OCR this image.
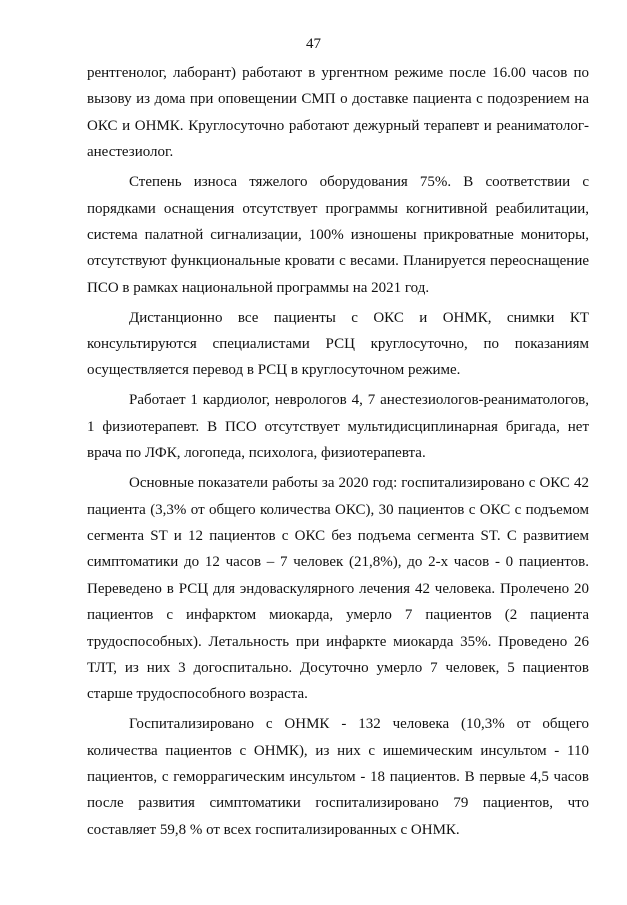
47

рентгенолог, лаборант) работают в ургентном режиме после 16.00 часов по вызову из дома при оповещении СМП о доставке пациента с подозрением на ОКС и ОНМК. Круглосуточно работают дежурный терапевт и реаниматолог-анестезиолог.

Степень износа тяжелого оборудования 75%. В соответствии с порядками оснащения отсутствует программы когнитивной реабилитации, система палатной сигнализации, 100% изношены прикроватные мониторы, отсутствуют функциональные кровати с весами. Планируется переоснащение ПСО в рамках национальной программы на 2021 год.

Дистанционно все пациенты с ОКС и ОНМК, снимки КТ консультируются специалистами РСЦ круглосуточно, по показаниям осуществляется перевод в РСЦ в круглосуточном режиме.

Работает 1 кардиолог, неврологов 4, 7 анестезиологов-реаниматологов, 1 физиотерапевт. В ПСО отсутствует мультидисциплинарная бригада, нет врача по ЛФК, логопеда, психолога, физиотерапевта.

Основные показатели работы за 2020 год: госпитализировано с ОКС 42 пациента (3,3% от общего количества ОКС), 30 пациентов с ОКС с подъемом сегмента ST и 12 пациентов с ОКС без подъема сегмента ST. С развитием симптоматики до 12 часов – 7 человек (21,8%), до 2-х часов - 0 пациентов. Переведено в РСЦ для эндоваскулярного лечения 42 человека. Пролечено 20 пациентов с инфарктом миокарда, умерло 7 пациентов (2 пациента трудоспособных). Летальность при инфаркте миокарда 35%. Проведено 26 ТЛТ, из них 3 догоспитально. Досуточно умерло 7 человек, 5 пациентов старше трудоспособного возраста.

Госпитализировано с ОНМК - 132 человека (10,3% от общего количества пациентов с ОНМК), из них с ишемическим инсультом - 110 пациентов, с геморрагическим инсультом - 18 пациентов. В первые 4,5 часов после развития симптоматики госпитализировано 79 пациентов, что составляет 59,8 % от всех госпитализированных с ОНМК.
